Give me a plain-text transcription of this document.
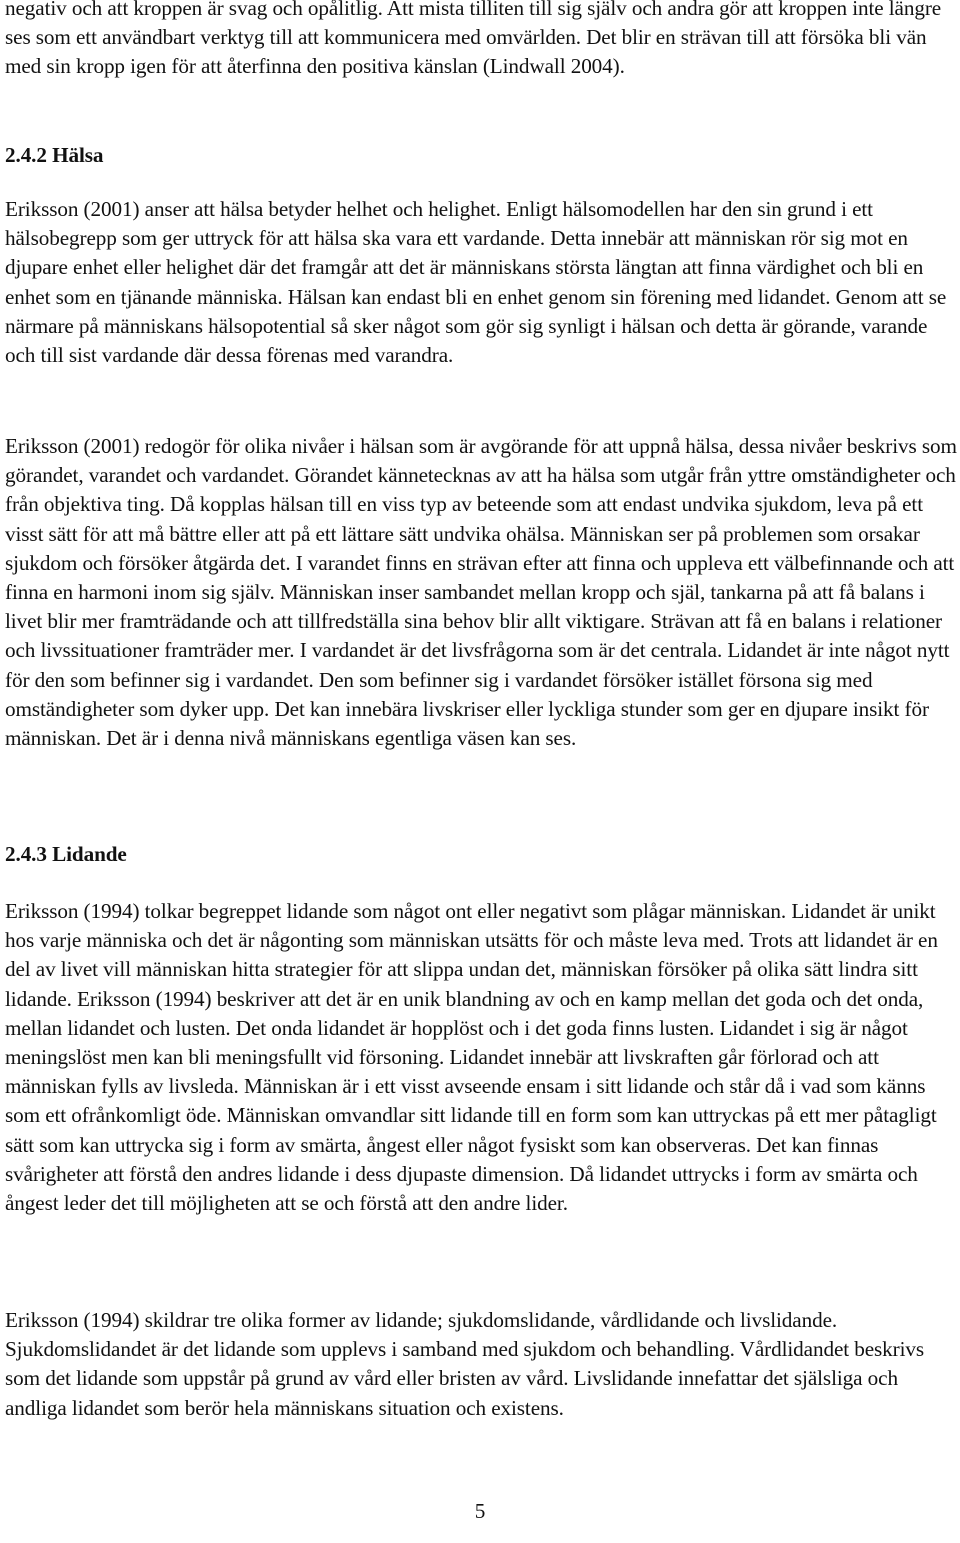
negativ och att kroppen är svag och opålitlig. Att mista tilliten till sig själv och andra gör att kroppen inte längre ses som ett användbart verktyg till att kommunicera med omvärlden. Det blir en strävan till att försöka bli vän med sin kropp igen för att återfinna den positiva känslan (Lindwall 2004).

2.4.2 Hälsa

Eriksson (2001) anser att hälsa betyder helhet och helighet. Enligt hälsomodellen har den sin grund i ett hälsobegrepp som ger uttryck för att hälsa ska vara ett vardande. Detta innebär att människan rör sig mot en djupare enhet eller helighet där det framgår att det är människans största längtan att finna värdighet och bli en enhet som en tjänande människa. Hälsan kan endast bli en enhet genom sin förening med lidandet. Genom att se närmare på människans hälsopotential så sker något som gör sig synligt i hälsan och detta är görande, varande och till sist vardande där dessa förenas med varandra.

Eriksson (2001) redogör för olika nivåer i hälsan som är avgörande för att uppnå hälsa, dessa nivåer beskrivs som görandet, varandet och vardandet. Görandet kännetecknas av att ha hälsa som utgår från yttre omständigheter och från objektiva ting. Då kopplas hälsan till en viss typ av beteende som att endast undvika sjukdom, leva på ett visst sätt för att må bättre eller att på ett lättare sätt undvika ohälsa. Människan ser på problemen som orsakar sjukdom och försöker åtgärda det. I varandet finns en strävan efter att finna och uppleva ett välbefinnande och att finna en harmoni inom sig själv. Människan inser sambandet mellan kropp och själ, tankarna på att få balans i livet blir mer framträdande och att tillfredställa sina behov blir allt viktigare. Strävan att få en balans i relationer och livssituationer framträder mer. I vardandet är det livsfrågorna som är det centrala. Lidandet är inte något nytt för den som befinner sig i vardandet. Den som befinner sig i vardandet försöker istället försona sig med omständigheter som dyker upp. Det kan innebära livskriser eller lyckliga stunder som ger en djupare insikt för människan. Det är i denna nivå människans egentliga väsen kan ses.

2.4.3 Lidande

Eriksson (1994) tolkar begreppet lidande som något ont eller negativt som plågar människan. Lidandet är unikt hos varje människa och det är någonting som människan utsätts för och måste leva med. Trots att lidandet är en del av livet vill människan hitta strategier för att slippa undan det, människan försöker på olika sätt lindra sitt lidande. Eriksson (1994) beskriver att det är en unik blandning av och en kamp mellan det goda och det onda, mellan lidandet och lusten. Det onda lidandet är hopplöst och i det goda finns lusten. Lidandet i sig är något meningslöst men kan bli meningsfullt vid försoning. Lidandet innebär att livskraften går förlorad och att människan fylls av livsleda. Människan är i ett visst avseende ensam i sitt lidande och står då i vad som känns som ett ofrånkomligt öde. Människan omvandlar sitt lidande till en form som kan uttryckas på ett mer påtagligt sätt som kan uttrycka sig i form av smärta, ångest eller något fysiskt som kan observeras. Det kan finnas svårigheter att förstå den andres lidande i dess djupaste dimension. Då lidandet uttrycks i form av smärta och ångest leder det till möjligheten att se och förstå att den andre lider.

Eriksson (1994) skildrar tre olika former av lidande; sjukdomslidande, vårdlidande och livslidande. Sjukdomslidandet är det lidande som upplevs i samband med sjukdom och behandling. Vårdlidandet beskrivs som det lidande som uppstår på grund av vård eller bristen av vård. Livslidande innefattar det själsliga och andliga lidandet som berör hela människans situation och existens.

5
